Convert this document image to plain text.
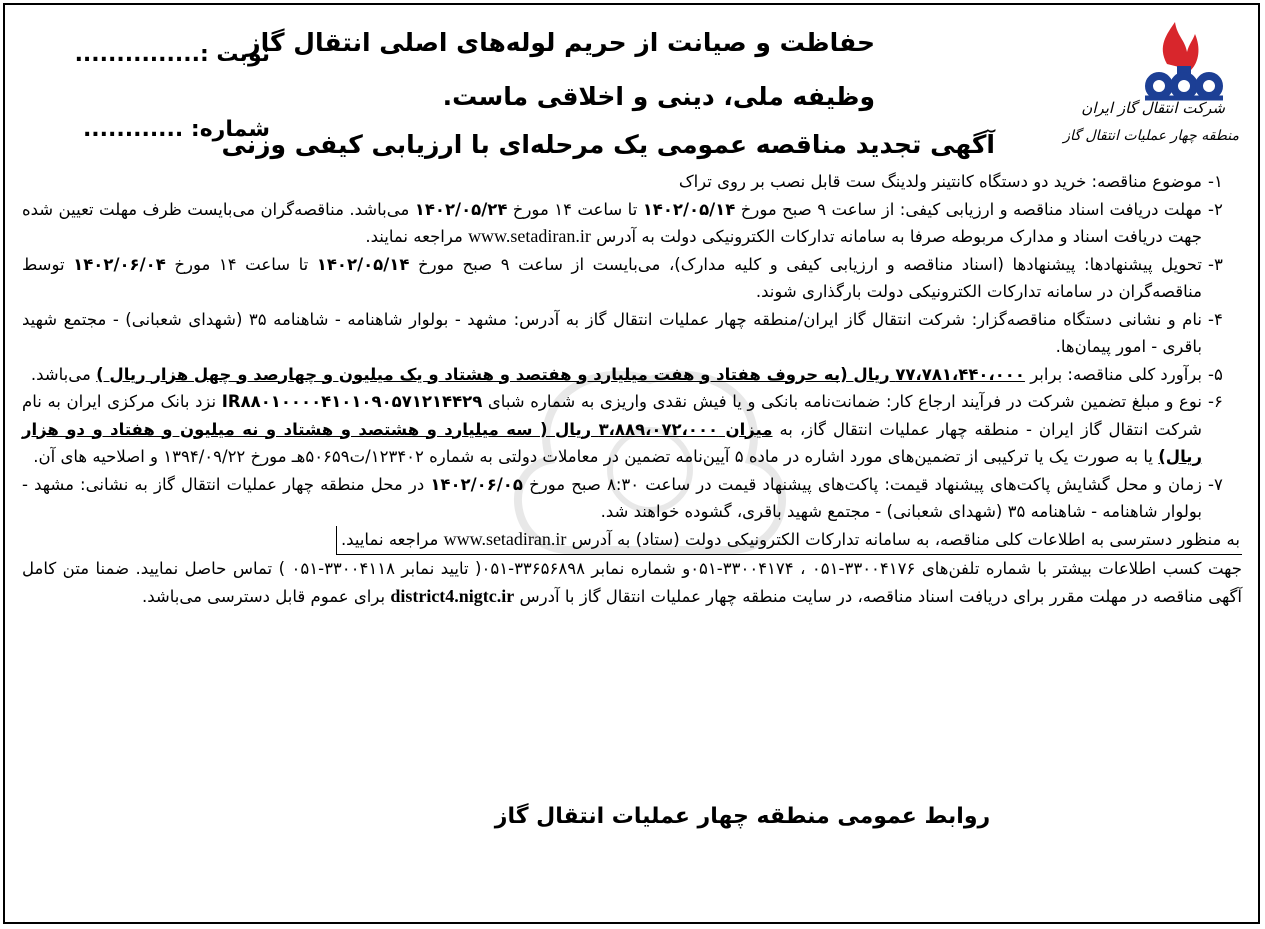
شرکت انتقال گاز ایران
منطقه چهار عملیات انتقال گاز
حفاظت و صیانت از حریم لوله‌های اصلی انتقال گاز
وظیفه ملی، دینی و اخلاقی ماست.
آگهی تجدید مناقصه عمومی یک مرحله‌ای با ارزیابی کیفی وزنی
نوبت :...............
شماره: ............
۱-
موضوع مناقصه: خرید دو دستگاه کانتینر ولدینگ ست قابل نصب بر روی تراک
۲-
مهلت دریافت اسناد مناقصه و ارزیابی کیفی: از ساعت ۹ صبح مورخ ۱۴۰۲/۰۵/۱۴ تا ساعت ۱۴ مورخ ۱۴۰۲/۰۵/۲۴ می‌باشد. مناقصه‌گران می‌بایست ظرف مهلت تعیین شده جهت دریافت اسناد و مدارک مربوطه صرفا به سامانه تدارکات الکترونیکی دولت به آدرس www.setadiran.ir مراجعه نمایند.
۳-
تحویل پیشنهادها: پیشنهادها (اسناد مناقصه و ارزیابی کیفی و کلیه مدارک)، می‌بایست از ساعت ۹ صبح مورخ ۱۴۰۲/۰۵/۱۴ تا ساعت ۱۴ مورخ ۱۴۰۲/۰۶/۰۴ توسط مناقصه‌گران در سامانه تدارکات الکترونیکی دولت بارگذاری شوند.
۴-
نام و نشانی دستگاه مناقصه‌گزار: شرکت انتقال گاز ایران/منطقه چهار عملیات انتقال گاز به آدرس: مشهد - بولوار شاهنامه - شاهنامه ۳۵ (شهدای شعبانی) - مجتمع شهید باقری - امور پیمان‌ها.
۵-
برآورد کلی مناقصه: برابر ۷۷،۷۸۱،۴۴۰،۰۰۰ ریال (به حروف هفتاد و هفت میلیارد و هفتصد و هشتاد و یک میلیون و چهارصد و چهل هزار ریال ) می‌باشد.
۶-
نوع و مبلغ تضمین شرکت در فرآیند ارجاع کار: ضمانت‌نامه بانکی و یا فیش نقدی واریزی به شماره شبای IR۸۸۰۱۰۰۰۰۴۱۰۱۰۹۰۵۷۱۲۱۴۴۲۹ نزد بانک مرکزی ایران به نام شرکت انتقال گاز ایران - منطقه چهار عملیات انتقال گاز، به میزان ۳،۸۸۹،۰۷۲،۰۰۰ ریال ( سه میلیارد و هشتصد و هشتاد و نه میلیون و هفتاد و دو هزار ریال) یا به صورت یک یا ترکیبی از تضمین‌های مورد اشاره در ماده ۵ آیین‌نامه تضمین در معاملات دولتی به شماره ۱۲۳۴۰۲/ت۵۰۶۵۹هـ مورخ ۱۳۹۴/۰۹/۲۲ و اصلاحیه های آن.
۷-
زمان و محل گشایش پاکت‌های پیشنهاد قیمت: پاکت‌های پیشنهاد قیمت در ساعت ۸:۳۰ صبح مورخ ۱۴۰۲/۰۶/۰۵ در محل منطقه چهار عملیات انتقال گاز به نشانی: مشهد - بولوار شاهنامه - شاهنامه ۳۵ (شهدای شعبانی) - مجتمع شهید باقری، گشوده خواهند شد.
به منظور دسترسی به اطلاعات کلی مناقصه، به سامانه تدارکات الکترونیکی دولت (ستاد) به آدرس www.setadiran.ir مراجعه نمایید.
جهت کسب اطلاعات بیشتر با شماره تلفن‌های ۳۳۰۰۴۱۷۶-۰۵۱ ، ۳۳۰۰۴۱۷۴-۰۵۱و شماره نمابر ۳۳۶۵۶۸۹۸-۰۵۱( تایید نمابر ۳۳۰۰۴۱۱۸-۰۵۱ ) تماس حاصل نمایید. ضمنا متن کامل آگهی مناقصه در مهلت مقرر برای دریافت اسناد مناقصه، در سایت منطقه چهار عملیات انتقال گاز با آدرس district4.nigtc.ir برای عموم قابل دسترسی می‌باشد.
روابط عمومی منطقه چهار عملیات انتقال گاز
